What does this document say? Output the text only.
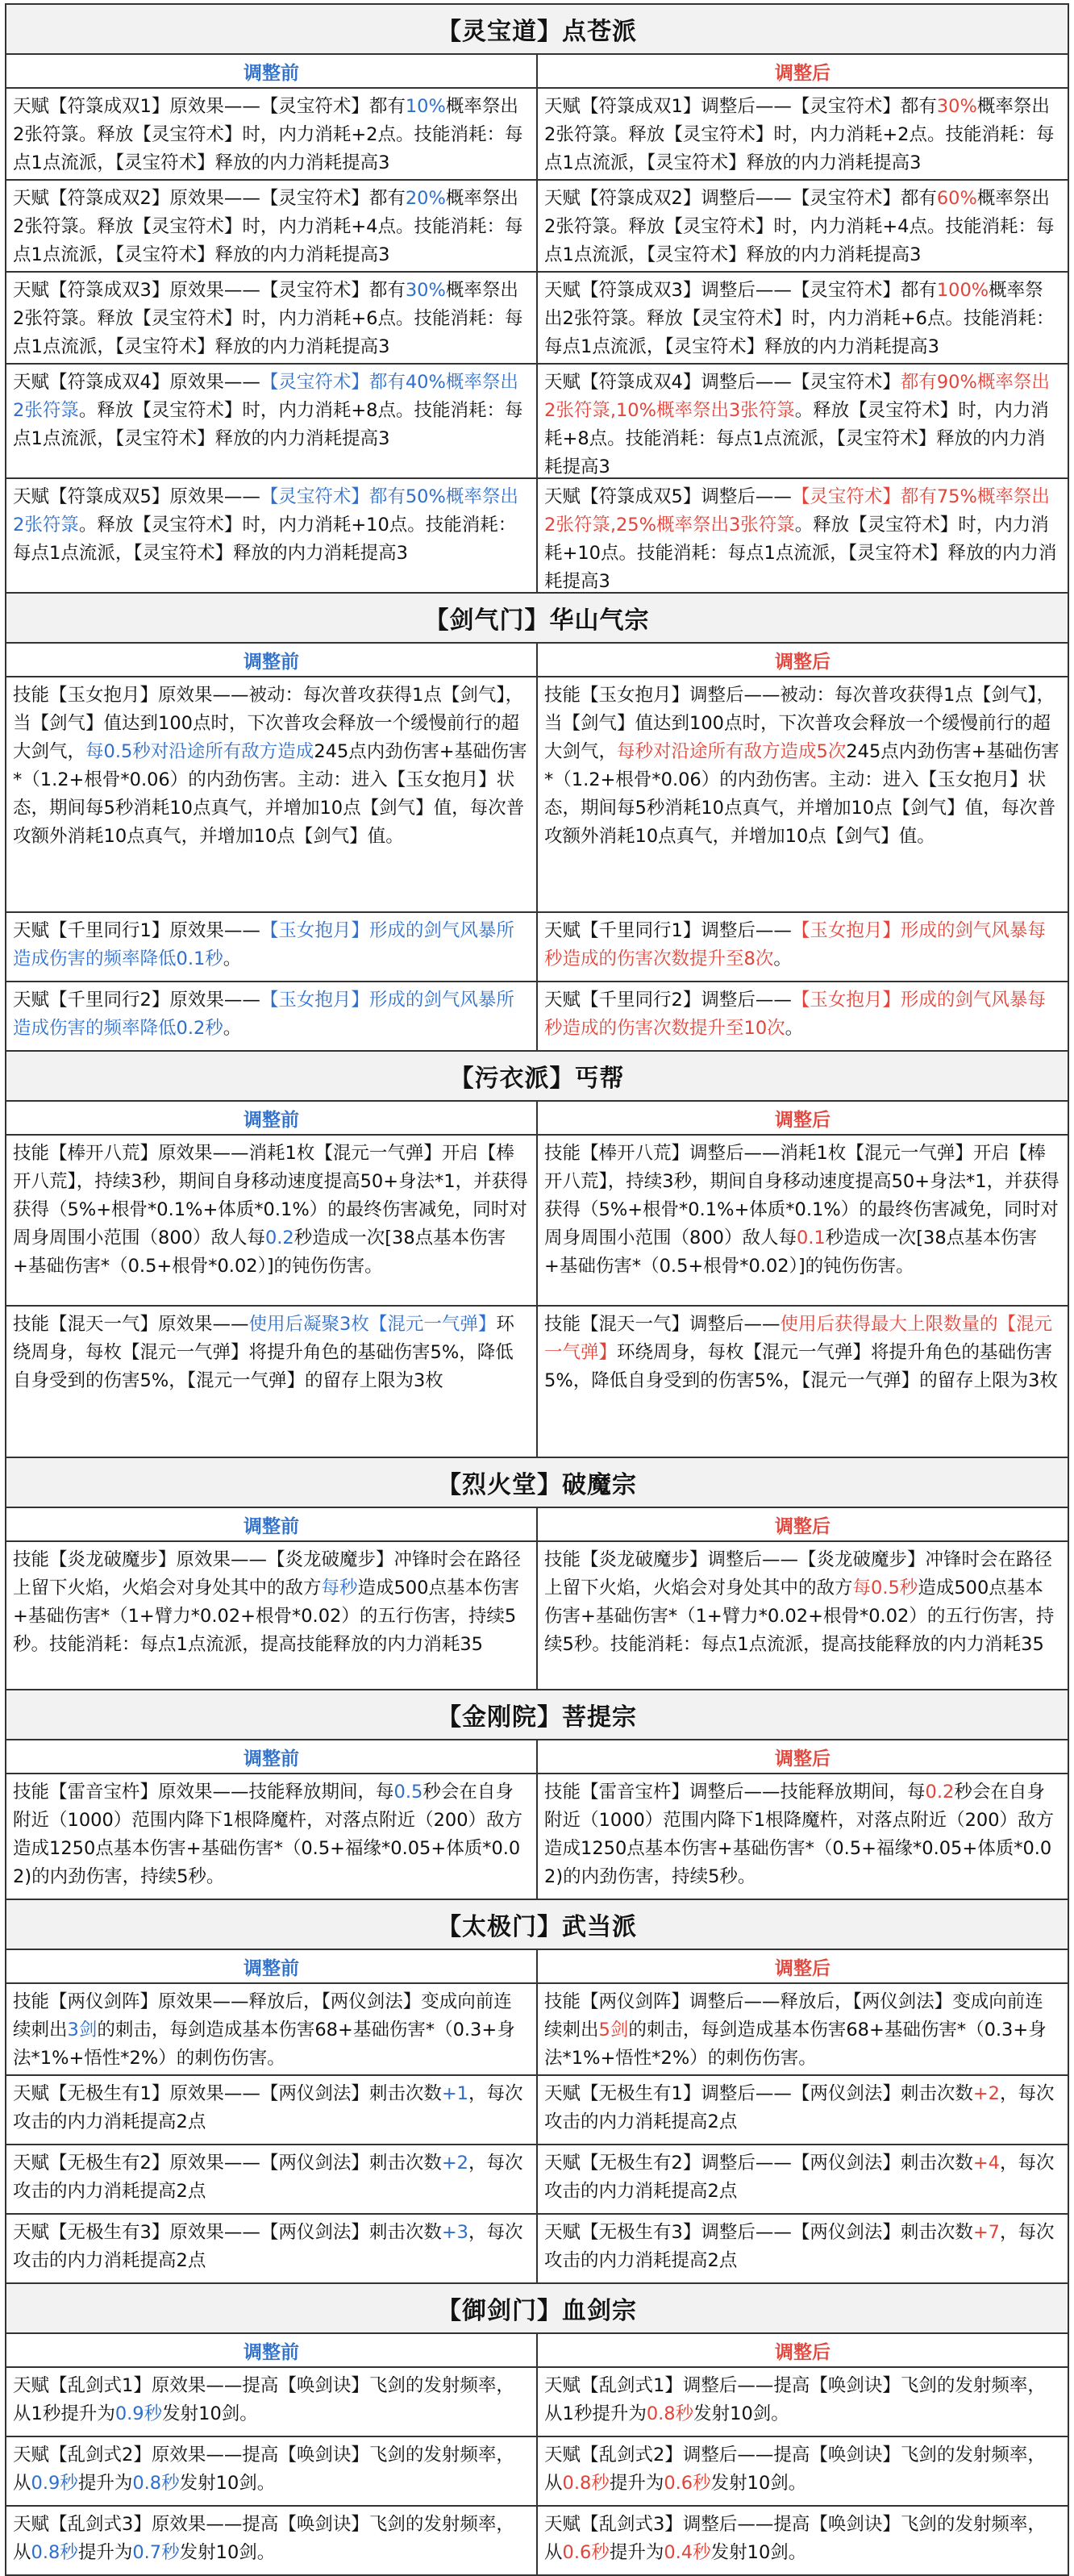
【灵宝道】点苍派
调整前	调整后
天赋【符箓成双1】原效果——【灵宝符术】都有10%概率祭出2张符箓。释放【灵宝符术】时，内力消耗+2点。技能消耗：每点1点流派，【灵宝符术】释放的内力消耗提高3
天赋【符箓成双1】调整后——【灵宝符术】都有30%概率祭出2张符箓。释放【灵宝符术】时，内力消耗+2点。技能消耗：每点1点流派，【灵宝符术】释放的内力消耗提高3
天赋【符箓成双2】原效果——【灵宝符术】都有20%概率祭出2张符箓。释放【灵宝符术】时，内力消耗+4点。技能消耗：每点1点流派，【灵宝符术】释放的内力消耗提高3
天赋【符箓成双2】调整后——【灵宝符术】都有60%概率祭出2张符箓。释放【灵宝符术】时，内力消耗+4点。技能消耗：每点1点流派，【灵宝符术】释放的内力消耗提高3
天赋【符箓成双3】原效果——【灵宝符术】都有30%概率祭出2张符箓。释放【灵宝符术】时，内力消耗+6点。技能消耗：每点1点流派，【灵宝符术】释放的内力消耗提高3
天赋【符箓成双3】调整后——【灵宝符术】都有100%概率祭出2张符箓。释放【灵宝符术】时，内力消耗+6点。技能消耗：每点1点流派，【灵宝符术】释放的内力消耗提高3
天赋【符箓成双4】原效果——【灵宝符术】都有40%概率祭出2张符箓。释放【灵宝符术】时，内力消耗+8点。技能消耗：每点1点流派，【灵宝符术】释放的内力消耗提高3
天赋【符箓成双4】调整后——【灵宝符术】都有90%概率祭出2张符箓,10%概率祭出3张符箓。释放【灵宝符术】时，内力消耗+8点。技能消耗：每点1点流派，【灵宝符术】释放的内力消耗提高3
天赋【符箓成双5】原效果——【灵宝符术】都有50%概率祭出2张符箓。释放【灵宝符术】时，内力消耗+10点。技能消耗：每点1点流派，【灵宝符术】释放的内力消耗提高3
天赋【符箓成双5】调整后——【灵宝符术】都有75%概率祭出2张符箓,25%概率祭出3张符箓。释放【灵宝符术】时，内力消耗+10点。技能消耗：每点1点流派，【灵宝符术】释放的内力消耗提高3
【剑气门】华山气宗
调整前	调整后
技能【玉女抱月】原效果——被动：每次普攻获得1点【剑气】，当【剑气】值达到100点时，下次普攻会释放一个缓慢前行的超大剑气，每0.5秒对沿途所有敌方造成245点内劲伤害+基础伤害*（1.2+根骨*0.06）的内劲伤害。主动：进入【玉女抱月】状态，期间每5秒消耗10点真气，并增加10点【剑气】值，每次普攻额外消耗10点真气，并增加10点【剑气】值。
技能【玉女抱月】调整后——被动：每次普攻获得1点【剑气】，当【剑气】值达到100点时，下次普攻会释放一个缓慢前行的超大剑气，每秒对沿途所有敌方造成5次245点内劲伤害+基础伤害*（1.2+根骨*0.06）的内劲伤害。主动：进入【玉女抱月】状态，期间每5秒消耗10点真气，并增加10点【剑气】值，每次普攻额外消耗10点真气，并增加10点【剑气】值。
天赋【千里同行1】原效果——【玉女抱月】形成的剑气风暴所造成伤害的频率降低0.1秒。
天赋【千里同行1】调整后——【玉女抱月】形成的剑气风暴每秒造成的伤害次数提升至8次。
天赋【千里同行2】原效果——【玉女抱月】形成的剑气风暴所造成伤害的频率降低0.2秒。
天赋【千里同行2】调整后——【玉女抱月】形成的剑气风暴每秒造成的伤害次数提升至10次。
【污衣派】丐帮
调整前	调整后
技能【棒开八荒】原效果——消耗1枚【混元一气弹】开启【棒开八荒】，持续3秒，期间自身移动速度提高50+身法*1，并获得获得（5%+根骨*0.1%+体质*0.1%）的最终伤害减免，同时对周身周围小范围（800）敌人每0.2秒造成一次[38点基本伤害+基础伤害*（0.5+根骨*0.02）]的钝伤伤害。
技能【棒开八荒】调整后——消耗1枚【混元一气弹】开启【棒开八荒】，持续3秒，期间自身移动速度提高50+身法*1，并获得获得（5%+根骨*0.1%+体质*0.1%）的最终伤害减免，同时对周身周围小范围（800）敌人每0.1秒造成一次[38点基本伤害+基础伤害*（0.5+根骨*0.02）]的钝伤伤害。
技能【混天一气】原效果——使用后凝聚3枚【混元一气弹】环绕周身，每枚【混元一气弹】将提升角色的基础伤害5%，降低自身受到的伤害5%，【混元一气弹】的留存上限为3枚
技能【混天一气】调整后——使用后获得最大上限数量的【混元一气弹】环绕周身，每枚【混元一气弹】将提升角色的基础伤害5%，降低自身受到的伤害5%，【混元一气弹】的留存上限为3枚
【烈火堂】破魔宗
调整前	调整后
技能【炎龙破魔步】原效果——【炎龙破魔步】冲锋时会在路径上留下火焰，火焰会对身处其中的敌方每秒造成500点基本伤害+基础伤害*（1+臂力*0.02+根骨*0.02）的五行伤害，持续5秒。技能消耗：每点1点流派，提高技能释放的内力消耗35
技能【炎龙破魔步】调整后——【炎龙破魔步】冲锋时会在路径上留下火焰，火焰会对身处其中的敌方每0.5秒造成500点基本伤害+基础伤害*（1+臂力*0.02+根骨*0.02）的五行伤害，持续5秒。技能消耗：每点1点流派，提高技能释放的内力消耗35
【金刚院】菩提宗
调整前	调整后
技能【雷音宝杵】原效果——技能释放期间，每0.5秒会在自身附近（1000）范围内降下1根降魔杵，对落点附近（200）敌方造成1250点基本伤害+基础伤害*（0.5+福缘*0.05+体质*0.02)的内劲伤害，持续5秒。
技能【雷音宝杵】调整后——技能释放期间，每0.2秒会在自身附近（1000）范围内降下1根降魔杵，对落点附近（200）敌方造成1250点基本伤害+基础伤害*（0.5+福缘*0.05+体质*0.02)的内劲伤害，持续5秒。
【太极门】武当派
调整前	调整后
技能【两仪剑阵】原效果——释放后，【两仪剑法】变成向前连续刺出3剑的刺击，每剑造成基本伤害68+基础伤害*（0.3+身法*1%+悟性*2%）的刺伤伤害。
技能【两仪剑阵】调整后——释放后，【两仪剑法】变成向前连续刺出5剑的刺击，每剑造成基本伤害68+基础伤害*（0.3+身法*1%+悟性*2%）的刺伤伤害。
天赋【无极生有1】原效果——【两仪剑法】刺击次数+1，每次攻击的内力消耗提高2点
天赋【无极生有1】调整后——【两仪剑法】刺击次数+2，每次攻击的内力消耗提高2点
天赋【无极生有2】原效果——【两仪剑法】刺击次数+2，每次攻击的内力消耗提高2点
天赋【无极生有2】调整后——【两仪剑法】刺击次数+4，每次攻击的内力消耗提高2点
天赋【无极生有3】原效果——【两仪剑法】刺击次数+3，每次攻击的内力消耗提高2点
天赋【无极生有3】调整后——【两仪剑法】刺击次数+7，每次攻击的内力消耗提高2点
【御剑门】血剑宗
调整前	调整后
天赋【乱剑式1】原效果——提高【唤剑诀】飞剑的发射频率，从1秒提升为0.9秒发射10剑。
天赋【乱剑式1】调整后——提高【唤剑诀】飞剑的发射频率，从1秒提升为0.8秒发射10剑。
天赋【乱剑式2】原效果——提高【唤剑诀】飞剑的发射频率，从0.9秒提升为0.8秒发射10剑。
天赋【乱剑式2】调整后——提高【唤剑诀】飞剑的发射频率，从0.8秒提升为0.6秒发射10剑。
天赋【乱剑式3】原效果——提高【唤剑诀】飞剑的发射频率，从0.8秒提升为0.7秒发射10剑。
天赋【乱剑式3】调整后——提高【唤剑诀】飞剑的发射频率，从0.6秒提升为0.4秒发射10剑。
